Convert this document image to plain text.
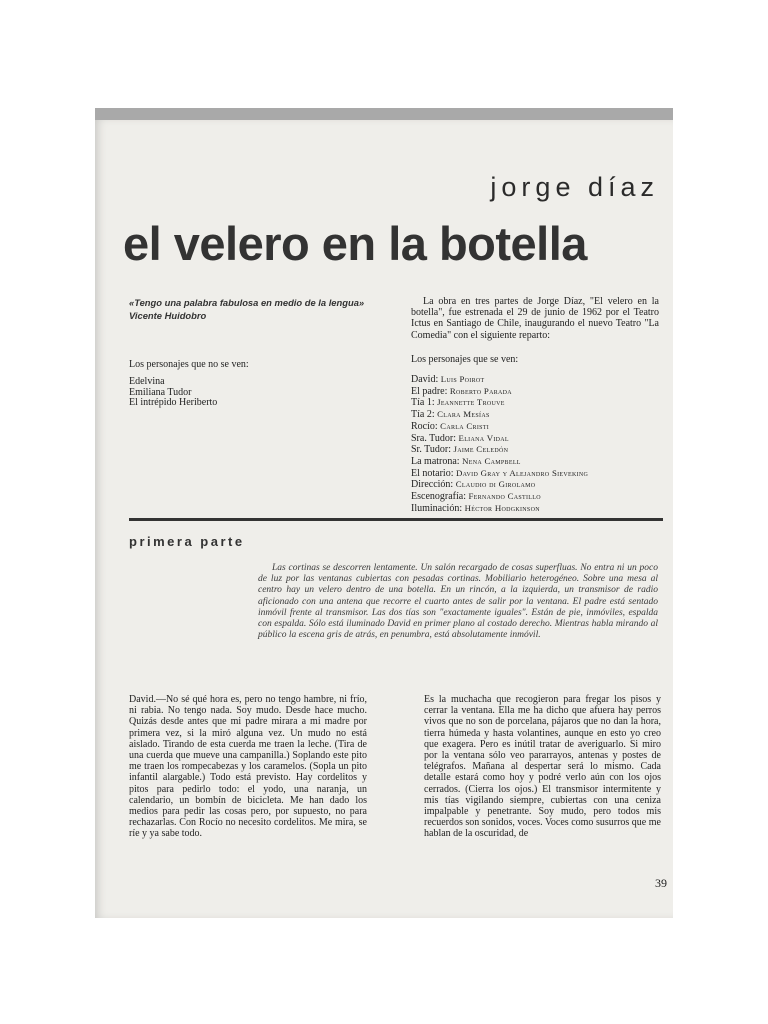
jorge díaz
el velero en la botella
«Tengo una palabra fabulosa en medio de la lengua» Vicente Huidobro
Los personajes que no se ven:
Edelvina
Emiliana Tudor
El intrépido Heriberto

La obra en tres partes de Jorge Díaz, "El velero en la botella", fue estrenada el 29 de junio de 1962 por el Teatro Ictus en Santiago de Chile, inaugurando el nuevo Teatro "La Comedia" con el siguiente reparto:

Los personajes que se ven:
David: Luis Poirot
El padre: Roberto Parada
Tía 1: Jeannette Trouve
Tía 2: Clara Mesías
Rocío: Carla Cristi
Sra. Tudor: Eliana Vidal
Sr. Tudor: Jaime Celedón
La matrona: Nena Campbell
El notario: David Gray y Alejandro Sieveking
Dirección: Claudio di Girolamo
Escenografía: Fernando Castillo
Iluminación: Héctor Hodgkinson
primera parte

Las cortinas se descorren lentamente. Un salón recargado de cosas superfluas. No entra ni un poco de luz por las ventanas cubiertas con pesadas cortinas. Mobiliario heterogéneo. Sobre una mesa al centro hay un velero dentro de una botella. En un rincón, a la izquierda, un transmisor de radio aficionado con una antena que recorre el cuarto antes de salir por la ventana. El padre está sentado inmóvil frente al transmisor. Las dos tías son "exactamente iguales". Están de pie, inmóviles, espalda con espalda. Sólo está iluminado David en primer plano al costado derecho. Mientras habla mirando al público la escena gris de atrás, en penumbra, está absolutamente inmóvil.

David.—No sé qué hora es, pero no tengo hambre, ni frío, ni rabia. No tengo nada. Soy mudo. Desde hace mucho. Quizás desde antes que mi padre mirara a mi madre por primera vez, si la miró alguna vez. Un mudo no está aislado. Tirando de esta cuerda me traen la leche. (Tira de una cuerda que mueve una campanilla.) Soplando este pito me traen los rompecabezas y los caramelos. (Sopla un pito infantil alargable.) Todo está previsto. Hay cordelitos y pitos para pedirlo todo: el yodo, una naranja, un calendario, un bombín de bicicleta. Me han dado los medios para pedir las cosas pero, por supuesto, no para rechazarlas. Con Rocío no necesito cordelitos. Me mira, se ríe y ya sabe todo.

Es la muchacha que recogieron para fregar los pisos y cerrar la ventana. Ella me ha dicho que afuera hay perros vivos que no son de porcelana, pájaros que no dan la hora, tierra húmeda y hasta volantines, aunque en esto yo creo que exagera. Pero es inútil tratar de averiguarlo. Si miro por la ventana sólo veo pararrayos, antenas y postes de telégrafos. Mañana al despertar será lo mismo. Cada detalle estará como hoy y podré verlo aún con los ojos cerrados. (Cierra los ojos.) El transmisor intermitente y mis tías vigilando siempre, cubiertas con una ceniza impalpable y penetrante. Soy mudo, pero todos mis recuerdos son sonidos, voces. Voces como susurros que me hablan de la oscuridad, de

39
